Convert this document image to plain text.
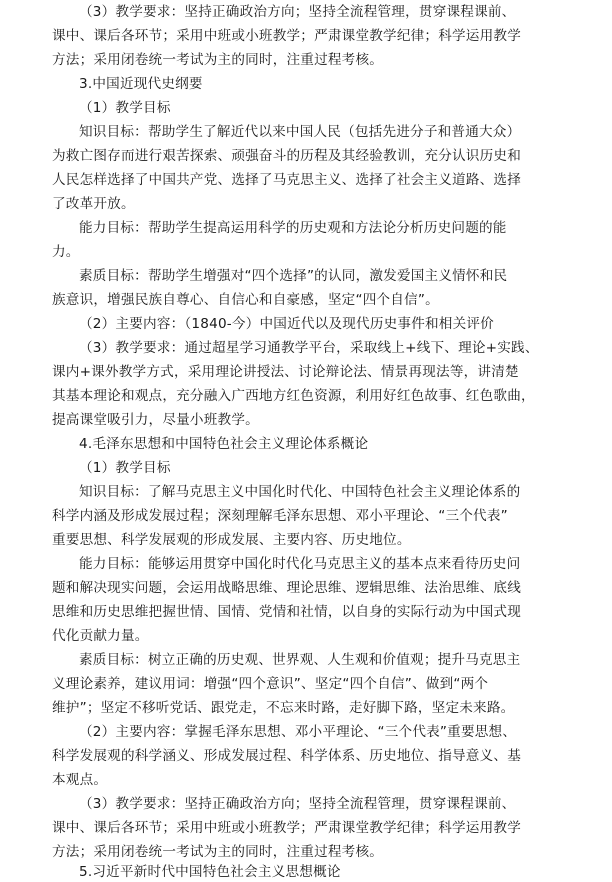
（3）教学要求：坚持正确政治方向；坚持全流程管理，贯穿课程课前、
课中、课后各环节；采用中班或小班教学；严肃课堂教学纪律；科学运用教学
方法；采用闭卷统一考试为主的同时，注重过程考核。
3.中国近现代史纲要
（1）教学目标
知识目标：帮助学生了解近代以来中国人民（包括先进分子和普通大众）
为救亡图存而进行艰苦探索、顽强奋斗的历程及其经验教训，充分认识历史和
人民怎样选择了中国共产党、选择了马克思主义、选择了社会主义道路、选择
了改革开放。
能力目标：帮助学生提高运用科学的历史观和方法论分析历史问题的能
力。
素质目标：帮助学生增强对“四个选择”的认同，激发爱国主义情怀和民
族意识，增强民族自尊心、自信心和自豪感，坚定“四个自信”。
（2）主要内容：（1840-今）中国近代以及现代历史事件和相关评价
（3）教学要求：通过超星学习通教学平台，采取线上+线下、理论+实践、
课内+课外教学方式，采用理论讲授法、讨论辩论法、情景再现法等，讲清楚
其基本理论和观点，充分融入广西地方红色资源，利用好红色故事、红色歌曲，
提高课堂吸引力，尽量小班教学。
4.毛泽东思想和中国特色社会主义理论体系概论
（1）教学目标
知识目标：了解马克思主义中国化时代化、中国特色社会主义理论体系的
科学内涵及形成发展过程；深刻理解毛泽东思想、邓小平理论、“三个代表”
重要思想、科学发展观的形成发展、主要内容、历史地位。
能力目标：能够运用贯穿中国化时代化马克思主义的基本点来看待历史问
题和解决现实问题，会运用战略思维、理论思维、逻辑思维、法治思维、底线
思维和历史思维把握世情、国情、党情和社情，以自身的实际行动为中国式现
代化贡献力量。
素质目标：树立正确的历史观、世界观、人生观和价值观；提升马克思主
义理论素养，建议用词：增强“四个意识”、坚定“四个自信”、做到“两个
维护”；坚定不移听党话、跟党走，不忘来时路，走好脚下路，坚定未来路。
（2）主要内容：掌握毛泽东思想、邓小平理论、“三个代表”重要思想、
科学发展观的科学涵义、形成发展过程、科学体系、历史地位、指导意义、基
本观点。
（3）教学要求：坚持正确政治方向；坚持全流程管理，贯穿课程课前、
课中、课后各环节；采用中班或小班教学；严肃课堂教学纪律；科学运用教学
方法；采用闭卷统一考试为主的同时，注重过程考核。
5.习近平新时代中国特色社会主义思想概论
